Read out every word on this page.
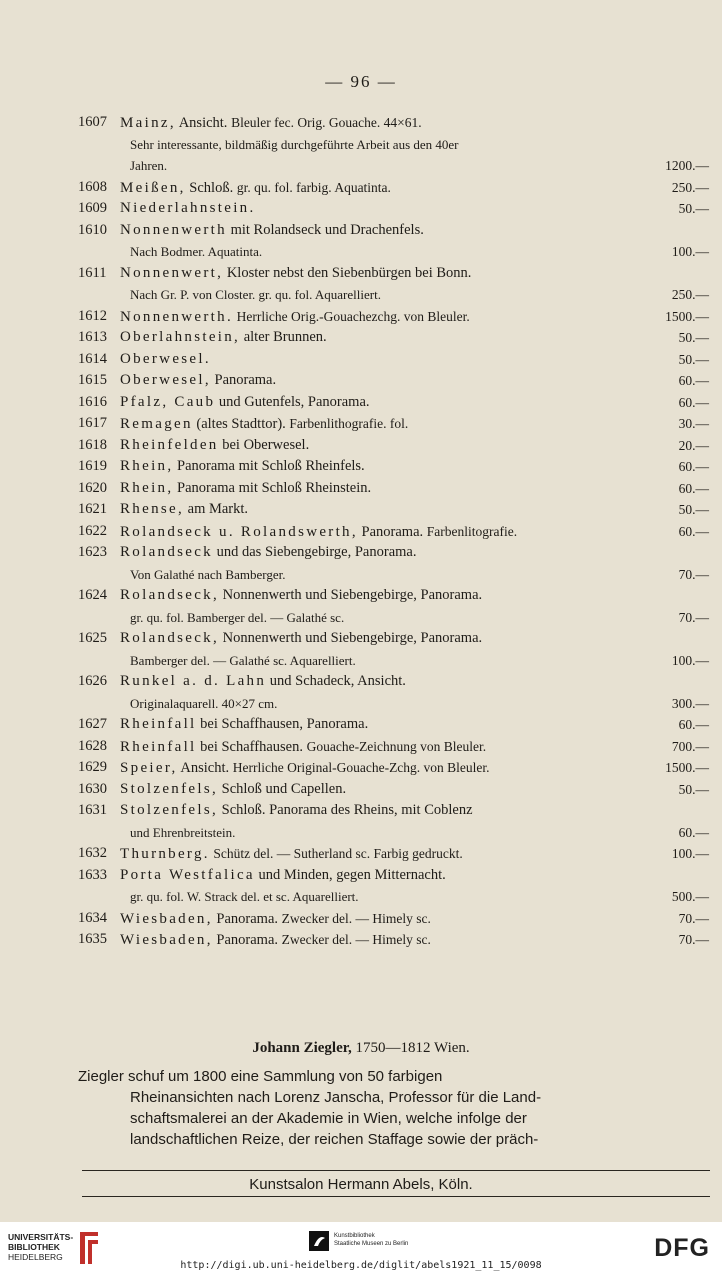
— 96 —
1607 Mainz, Ansicht. Bleuler fec. Orig. Gouache. 44×61.
Sehr interessante, bildmäßig durchgeführte Arbeit aus den 40er
Jahren.	1200.—
1608 Meißen, Schloß. gr. qu. fol. farbig. Aquatinta.	250.—
1609 Niederlahnstein.	50.—
1610 Nonnenwerth mit Rolandseck und Drachenfels.
Nach Bodmer. Aquatinta.	100.—
1611 Nonnenwert, Kloster nebst den Siebenbürgen bei Bonn.
Nach Gr. P. von Closter. gr. qu. fol. Aquarelliert.	250.—
1612 Nonnenwerth. Herrliche Orig.-Gouachezchg. von Bleuler.	1500.—
1613 Oberlahnstein, alter Brunnen.	50.—
1614 Oberwesel.	50.—
1615 Oberwesel, Panorama.	60.—
1616 Pfalz, Caub und Gutenfels, Panorama.	60.—
1617 Remagen (altes Stadttor). Farbenlithografie. fol.	30.—
1618 Rheinfelden bei Oberwesel.	20.—
1619 Rhein, Panorama mit Schloß Rheinfels.	60.—
1620 Rhein, Panorama mit Schloß Rheinstein.	60.—
1621 Rhense, am Markt.	50.—
1622 Rolandseck u. Rolandswerth, Panorama. Farbenlitografie.	60.—
1623 Rolandseck und das Siebengebirge, Panorama.
Von Galathé nach Bamberger.	70.—
1624 Rolandseck, Nonnenwerth und Siebengebirge, Panorama.
gr. qu. fol. Bamberger del. — Galathé sc.	70.—
1625 Rolandseck, Nonnenwerth und Siebengebirge, Panorama.
Bamberger del. — Galathé sc. Aquarelliert.	100.—
1626 Runkel a. d. Lahn und Schadeck, Ansicht.
Originalaquarell. 40×27 cm.	300.—
1627 Rheinfall bei Schaffhausen, Panorama.	60.—
1628 Rheinfall bei Schaffhausen. Gouache-Zeichnung von Bleuler.	700.—
1629 Speier, Ansicht. Herrliche Original-Gouache-Zchg. von Bleuler.	1500.—
1630 Stolzenfels, Schloß und Capellen.	50.—
1631 Stolzenfels, Schloß. Panorama des Rheins, mit Coblenz
und Ehrenbreitstein.	60.—
1632 Thurnberg. Schütz del. — Sutherland sc. Farbig gedruckt.	100.—
1633 Porta Westfalica und Minden, gegen Mitternacht.
gr. qu. fol. W. Strack del. et sc. Aquarelliert.	500.—
1634 Wiesbaden, Panorama. Zwecker del. — Himely sc.	70.—
1635 Wiesbaden, Panorama. Zwecker del. — Himely sc.	70.—
Johann Ziegler, 1750—1812 Wien.
Ziegler schuf um 1800 eine Sammlung von 50 farbigen
Rheinansichten nach Lorenz Janscha, Professor für die Land-
schaftsmalerei an der Akademie in Wien, welche infolge der
landschaftlichen Reize, der reichen Staffage sowie der präch-
Kunstsalon Hermann Abels, Köln.
UNIVERSITÄTS-
BIBLIOTHEK
HEIDELBERG
Kunstbibliothek
Staatliche Museen zu Berlin	DFG
http://digi.ub.uni-heidelberg.de/diglit/abels1921_11_15/0098
